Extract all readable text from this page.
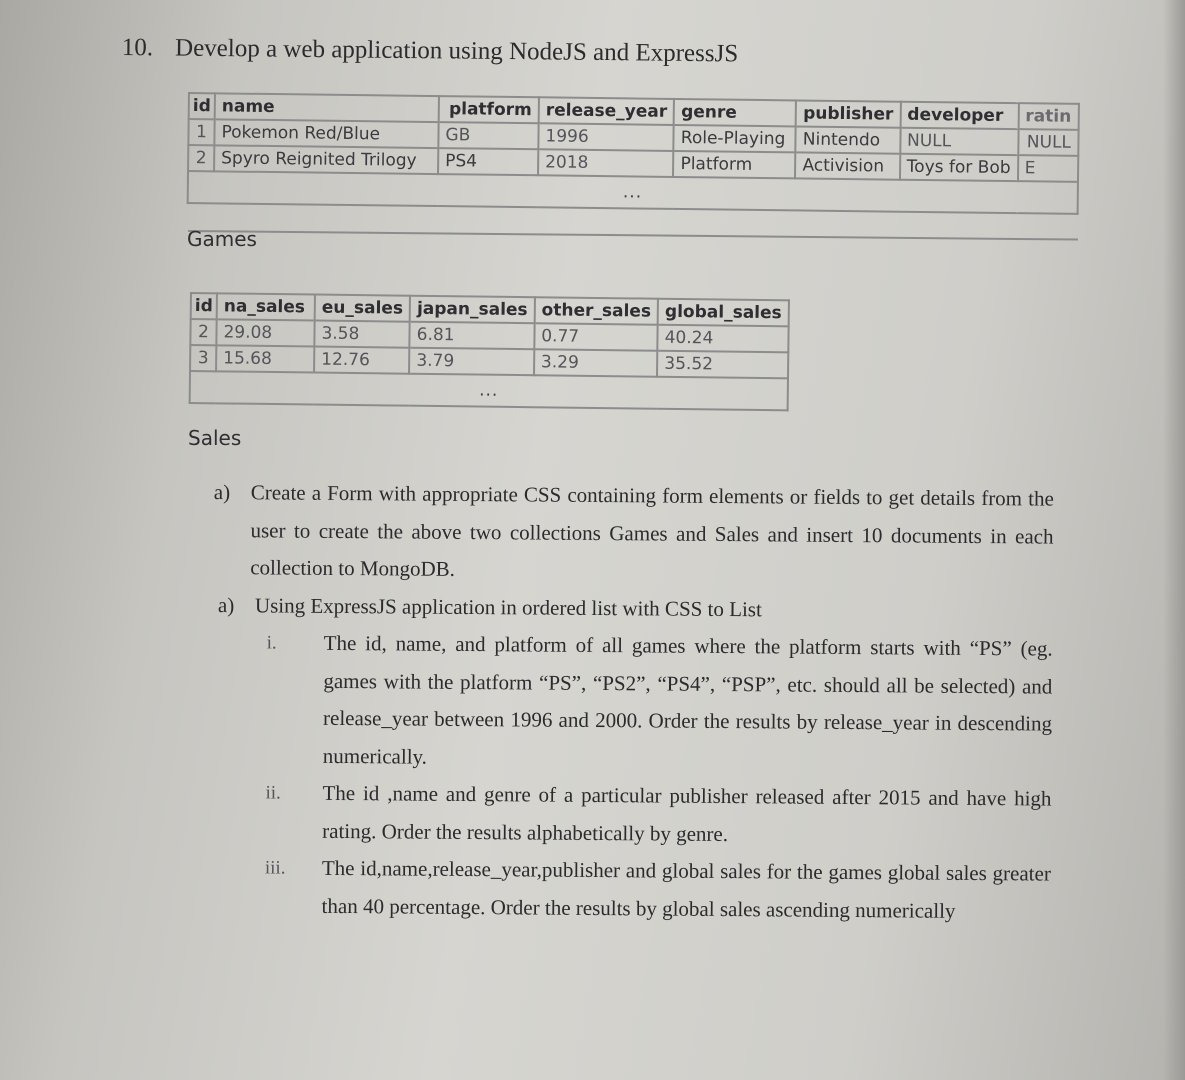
10. Develop a web application using NodeJS and ExpressJS
id	name	platform	release_year	genre	publisher	developer	ratin
1	Pokemon Red/Blue	GB	1996	Role-Playing	Nintendo	NULL	NULL
2	Spyro Reignited Trilogy	PS4	2018	Platform	Activision	Toys for Bob	E
...							
Games
id	na_sales	eu_sales	japan_sales	other_sales	global_sales
2	29.08	3.58	6.81	0.77	40.24
3	15.68	12.76	3.79	3.29	35.52
...					
Sales
a) Create a Form with appropriate CSS containing form elements or fields to get details from the user to create the above two collections Games and Sales and insert 10 documents in each collection to MongoDB.
a) Using ExpressJS application in ordered list with CSS to List
i.	The id, name, and platform of all games where the platform starts with “PS” (eg. games with the platform “PS”, “PS2”, “PS4”, “PSP”, etc. should all be selected) and release_year between 1996 and 2000. Order the results by release_year in descending numerically.
ii.	The id ,name and genre of a particular publisher released after 2015 and have high rating. Order the results alphabetically by genre.
iii.	The id,name,release_year,publisher and global sales for the games global sales greater than 40 percentage. Order the results by global sales ascending numerically
